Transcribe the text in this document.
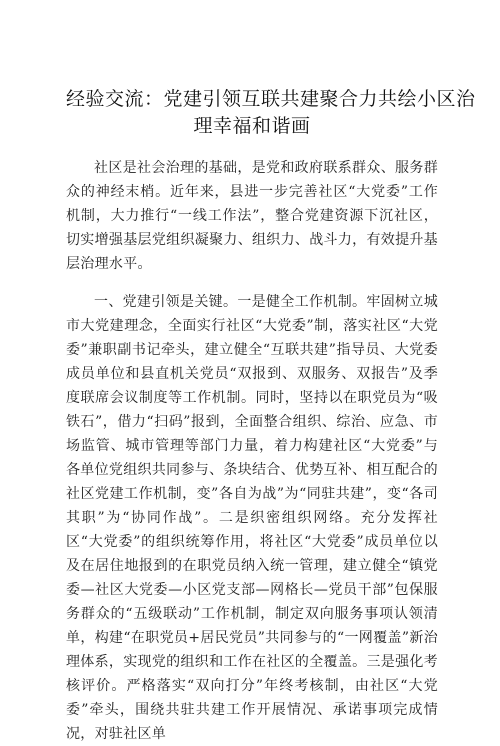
经验交流：党建引领互联共建聚合力共绘小区治
理幸福和谐画

社区是社会治理的基础，是党和政府联系群众、服务群众的神经末梢。近年来，县进一步完善社区“大党委”工作机制，大力推行“一线工作法”，整合党建资源下沉社区，切实增强基层党组织凝聚力、组织力、战斗力，有效提升基层治理水平。

一、党建引领是关键。一是健全工作机制。牢固树立城市大党建理念，全面实行社区“大党委”制，落实社区“大党委”兼职副书记牵头，建立健全“互联共建”指导员、大党委成员单位和县直机关党员“双报到、双服务、双报告”及季度联席会议制度等工作机制。同时，坚持以在职党员为“吸铁石”，借力“扫码”报到，全面整合组织、综治、应急、市场监管、城市管理等部门力量，着力构建社区“大党委”与各单位党组织共同参与、条块结合、优势互补、相互配合的社区党建工作机制，变”各自为战”为“同驻共建”，变“各司其职”为“协同作战”。二是织密组织网络。充分发挥社区“大党委”的组织统筹作用，将社区“大党委”成员单位以及在居住地报到的在职党员纳入统一管理，建立健全“镇党委—社区大党委—小区党支部—网格长—党员干部”包保服务群众的“五级联动”工作机制，制定双向服务事项认领清单，构建“在职党员+居民党员”共同参与的“一网覆盖”新治理体系，实现党的组织和工作在社区的全覆盖。三是强化考核评价。严格落实“双向打分”年终考核制，由社区“大党委”牵头，围绕共驻共建工作开展情况、承诺事项完成情况，对驻社区单
